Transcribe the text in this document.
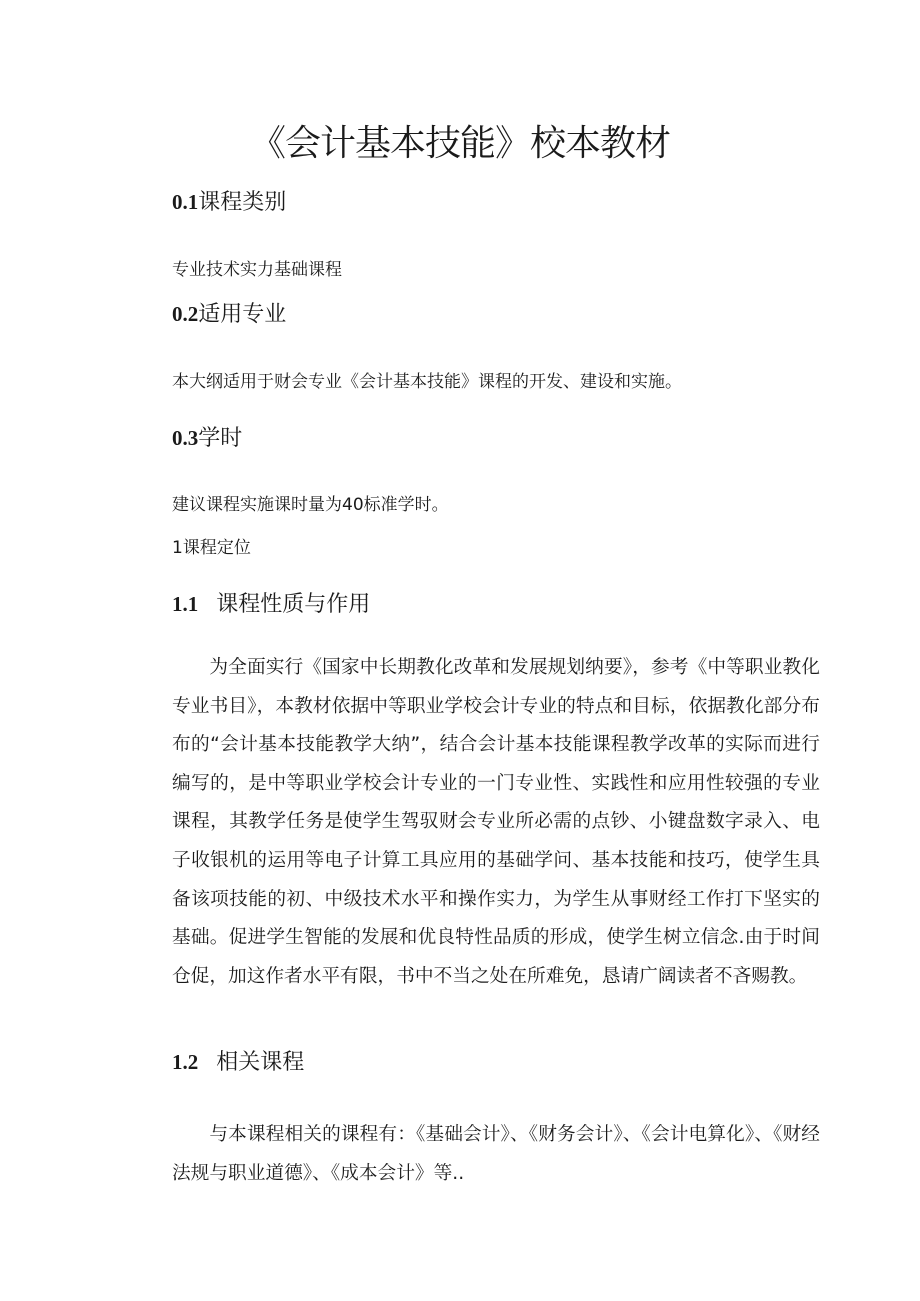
《会计基本技能》校本教材
0.1课程类别
专业技术实力基础课程
0.2适用专业
本大纲适用于财会专业《会计基本技能》课程的开发、建设和实施。
0.3学时
建议课程实施课时量为40标准学时。
1课程定位
1.1 课程性质与作用

为全面实行《国家中长期教化改革和发展规划纳要》，参考《中等职业教化专业书目》，本教材依据中等职业学校会计专业的特点和目标，依据教化部分布布的“会计基本技能教学大纳”，结合会计基本技能课程教学改革的实际而进行编写的，是中等职业学校会计专业的一门专业性、实践性和应用性较强的专业课程，其教学任务是使学生驾驭财会专业所必需的点钞、小键盘数字录入、电子收银机的运用等电子计算工具应用的基础学问、基本技能和技巧，使学生具备该项技能的初、中级技术水平和操作实力，为学生从事财经工作打下坚实的基础。促进学生智能的发展和优良特性品质的形成，使学生树立信念.由于时间仓促，加这作者水平有限，书中不当之处在所难免，恳请广阔读者不吝赐教。

1.2 相关课程

与本课程相关的课程有：《基础会计》、《财务会计》、《会计电算化》、《财经法规与职业道德》、《成本会计》等..
